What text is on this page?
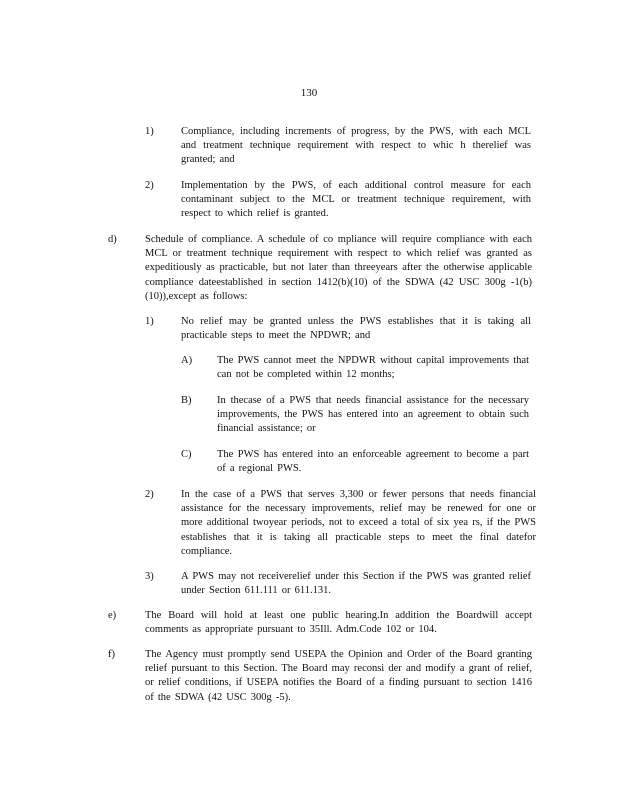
130
1)	Compliance, including increments of progress, by the PWS, with each MCL and treatment technique requirement with respect to whic h therelief was granted; and
2)	Implementation by the PWS, of each additional control measure for each contaminant subject to the MCL or treatment technique requirement, with respect to which relief is granted.
d)	Schedule of compliance. A schedule of co mpliance will require compliance with each MCL or treatment technique requirement with respect to which relief was granted as expeditiously as practicable, but not later than threeyears after the otherwise applicable compliance dateestablished in section 1412(b)(10) of the SDWA (42 USC 300g -1(b)(10)),except as follows:
1)	No relief may be granted unless the PWS establishes that it is taking all practicable steps to meet the NPDWR; and
A) The PWS cannot meet the NPDWR without capital improvements that can not be completed within 12 months;
B) In thecase of a PWS that needs financial assistance for the necessary improvements, the PWS has entered into an agreement to obtain such financial assistance; or
C) The PWS has entered into an enforceable agreement to become a part of a regional PWS.
2)	In the case of a PWS that serves 3,300 or fewer persons that needs financial assistance for the necessary improvements, relief may be renewed for one or more additional twoyear periods, not to exceed a total of six yea rs, if the PWS establishes that it is taking all practicable steps to meet the final datefor compliance.
3)	A PWS may not receiverelief under this Section if the PWS was granted relief under Section 611.111 or 611.131.
e)	The Board will hold at least one public hearing.In addition the Boardwill accept comments as appropriate pursuant to 35Ill. Adm.Code 102 or 104.
f)	The Agency must promptly send USEPA the Opinion and Order of the Board granting relief pursuant to this Section. The Board may reconsi der and modify a grant of relief, or relief conditions, if USEPA notifies the Board of a finding pursuant to section 1416 of the SDWA (42 USC 300g -5).
